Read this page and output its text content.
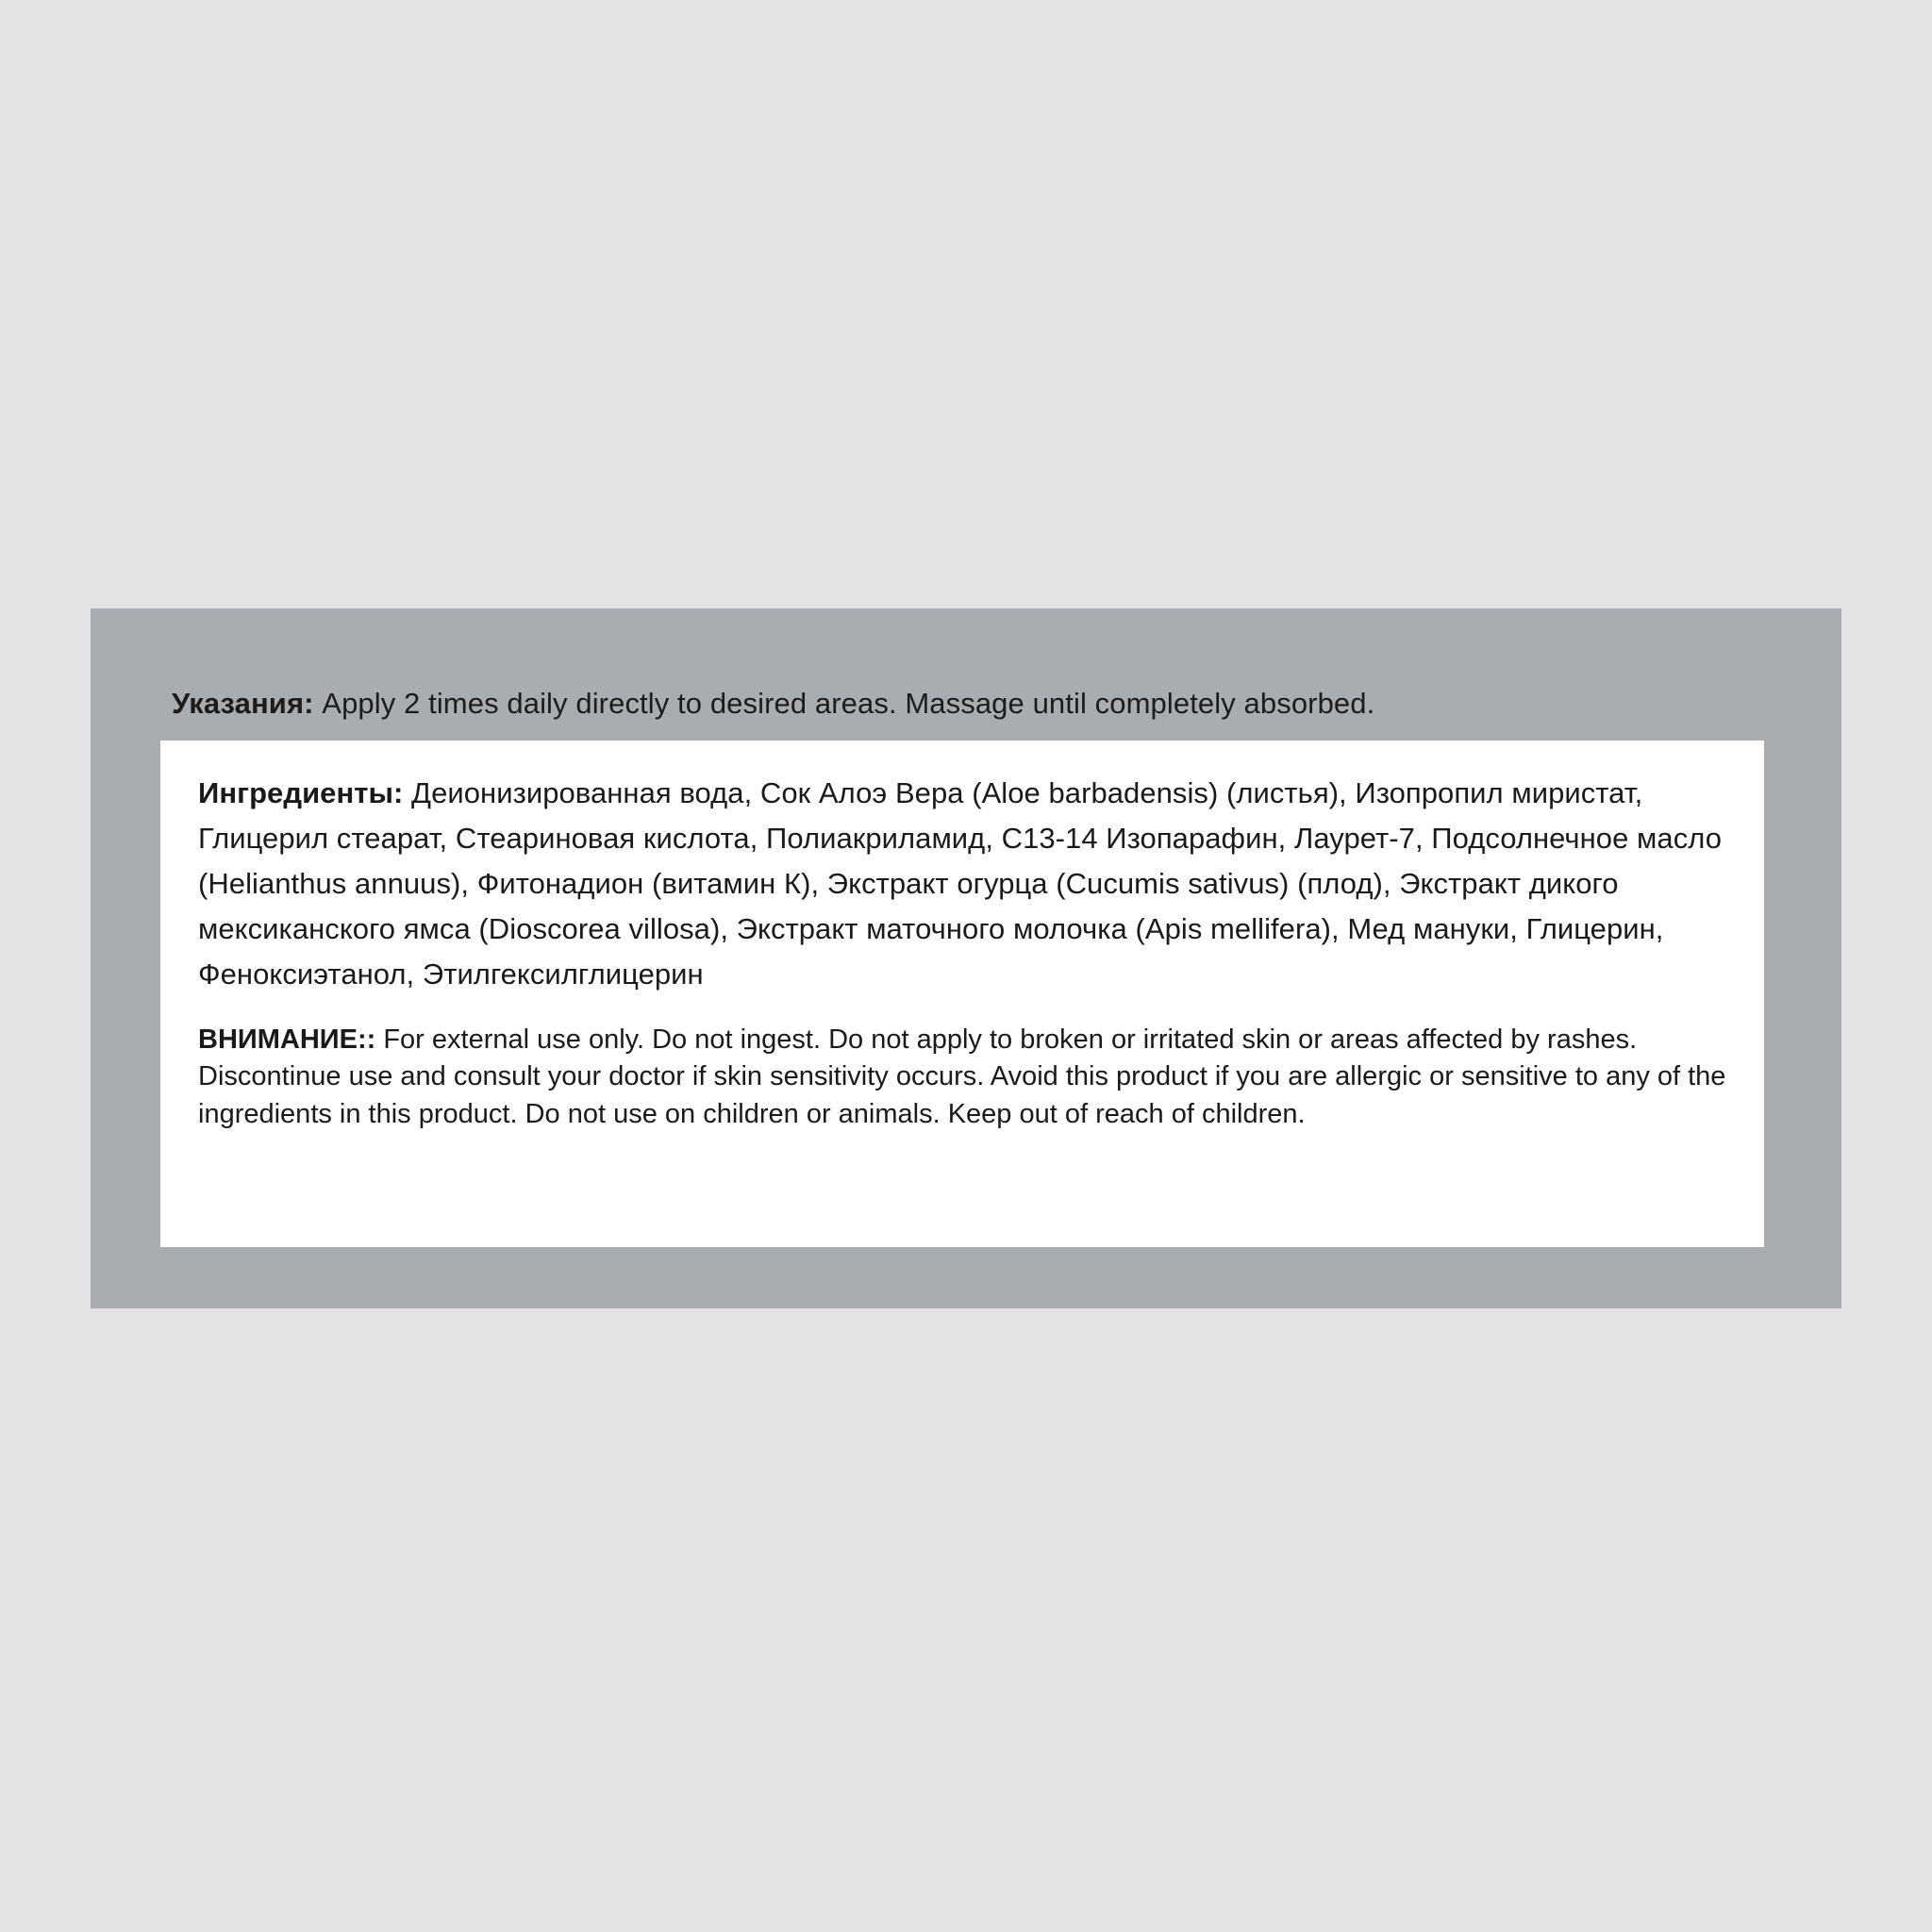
Указания: Apply 2 times daily directly to desired areas. Massage until completely absorbed.
Ингредиенты: Деионизированная вода, Сок Алоэ Вера (Aloe barbadensis) (листья), Изопропил миристат, Глицерил стеарат, Стеариновая кислота, Полиакриламид, C13-14 Изопарафин, Лаурет-7, Подсолнечное масло (Helianthus annuus), Фитонадион (витамин К), Экстракт огурца (Cucumis sativus) (плод), Экстракт дикого мексиканского ямса (Dioscorea villosa), Экстракт маточного молочка (Apis mellifera), Мед мануки, Глицерин, Феноксиэтанол, Этилгексилглицерин
ВНИМАНИЕ:: For external use only. Do not ingest. Do not apply to broken or irritated skin or areas affected by rashes. Discontinue use and consult your doctor if skin sensitivity occurs. Avoid this product if you are allergic or sensitive to any of the ingredients in this product. Do not use on children or animals. Keep out of reach of children.
